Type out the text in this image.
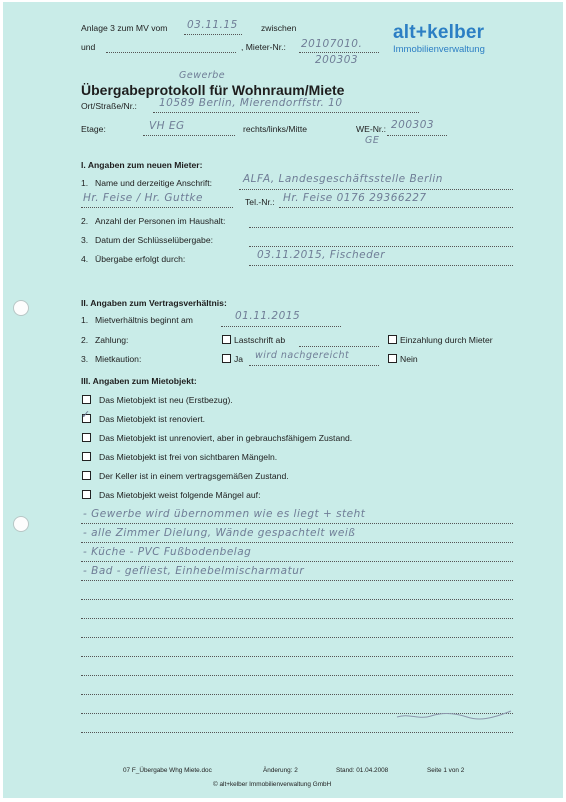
Anlage 3 zum MV vom 03.11.15	zwischen
und	, Mieter-Nr.: 20107010.
200303
alt+kelber
Immobilienverwaltung
Gewerbe
Übergabeprotokoll für Wohnraum/Miete
Ort/Straße/Nr.: 10589 Berlin, Mierendorffstr. 10
Etage:	VH EG	rechts/links/Mitte	WE-Nr.: 200303
GE
I. Angaben zum neuen Mieter:
1. Name und derzeitige Anschrift:	ALFA, Landesgeschäftsstelle Berlin
Hr. Feise / Hr. Guttke	Tel.-Nr.: Hr. Feise 0176 29366227
2. Anzahl der Personen im Haushalt:
3. Datum der Schlüsselübergabe:
4. Übergabe erfolgt durch:	03.11.2015, Fischeder
II. Angaben zum Vertragsverhältnis:
1. Mietverhältnis beginnt am	01.11.2015
2. Zahlung:	Lastschrift ab	Einzahlung durch Mieter
3. Mietkaution:	Ja wird nachgereicht	Nein
III. Angaben zum Mietobjekt:
Das Mietobjekt ist neu (Erstbezug).
✓ Das Mietobjekt ist renoviert.
Das Mietobjekt ist unrenoviert, aber in gebrauchsfähigem Zustand.
Das Mietobjekt ist frei von sichtbaren Mängeln.
Der Keller ist in einem vertragsgemäßen Zustand.
Das Mietobjekt weist folgende Mängel auf:
- Gewerbe wird übernommen wie es liegt + steht
- alle Zimmer Dielung, Wände gespachtelt weiß
- Küche - PVC Fußbodenbelag
- Bad - gefliest, Einhebelmischarmatur
07 F_Übergabe Whg Miete.doc	Änderung: 2	Stand: 01.04.2008	Seite 1 von 2
© alt+kelber Immobilienverwaltung GmbH
